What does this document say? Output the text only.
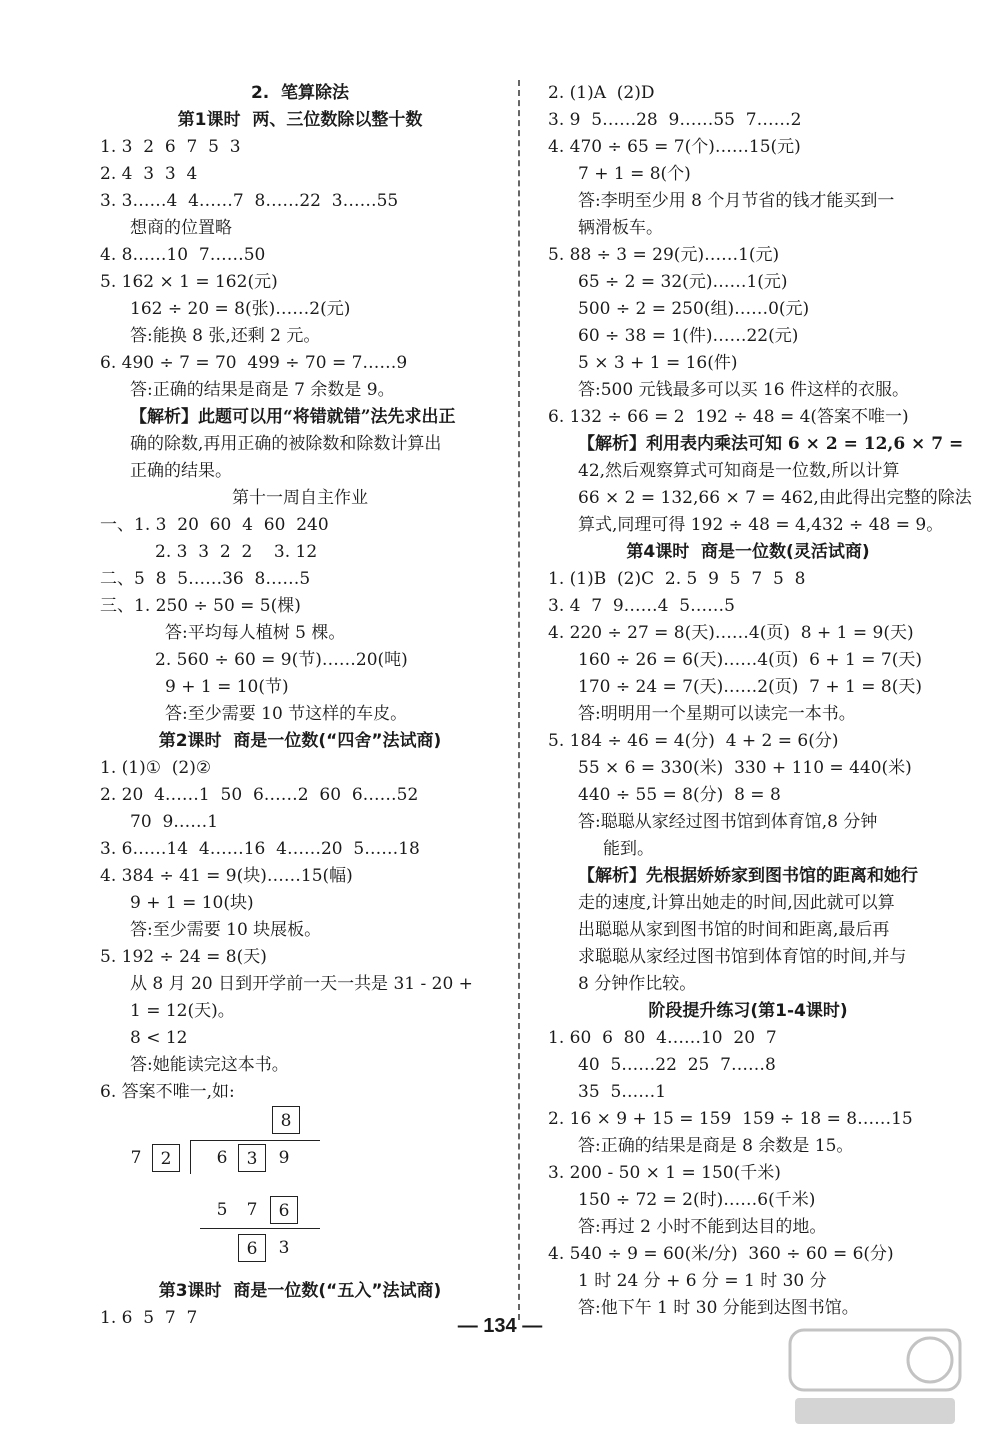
2.  笔算除法
第1课时  两、三位数除以整十数
1. 3  2  6  7  5  3
2. 4  3  3  4
3. 3……4  4……7  8……22  3……55
想商的位置略
4. 8……10  7……50
5. 162 × 1 = 162(元)
162 ÷ 20 = 8(张)……2(元)
答:能换 8 张,还剩 2 元。
6. 490 ÷ 7 = 70  499 ÷ 70 = 7……9
答:正确的结果是商是 7 余数是 9。
【解析】此题可以用“将错就错”法先求出正
确的除数,再用正确的被除数和除数计算出
正确的结果。
第十一周自主作业
一、1. 3  20  60  4  60  240
2. 3  3  2  2    3. 12
二、5  8  5……36  8……5
三、1. 250 ÷ 50 = 5(棵)
答:平均每人植树 5 棵。
2. 560 ÷ 60 = 9(节)……20(吨)
9 + 1 = 10(节)
答:至少需要 10 节这样的车皮。
第2课时  商是一位数(“四舍”法试商)
1. (1)①  (2)②
2. 20  4……1  50  6……2  60  6……52
70  9……1
3. 6……14  4……16  4……20  5……18
4. 384 ÷ 41 = 9(块)……15(幅)
9 + 1 = 10(块)
答:至少需要 10 块展板。
5. 192 ÷ 24 = 8(天)
从 8 月 20 日到开学前一天一共是 31 - 20 +
1 = 12(天)。
8 < 12
答:她能读完这本书。
6. 答案不唯一,如:
8
7	2	6	3	9
5	7	6
6	3
第3课时  商是一位数(“五入”法试商)
1. 6  5  7  7
2. (1)A  (2)D
3. 9  5……28  9……55  7……2
4. 470 ÷ 65 = 7(个)……15(元)
7 + 1 = 8(个)
答:李明至少用 8 个月节省的钱才能买到一
辆滑板车。
5. 88 ÷ 3 = 29(元)……1(元)
65 ÷ 2 = 32(元)……1(元)
500 ÷ 2 = 250(组)……0(元)
60 ÷ 38 = 1(件)……22(元)
5 × 3 + 1 = 16(件)
答:500 元钱最多可以买 16 件这样的衣服。
6. 132 ÷ 66 = 2  192 ÷ 48 = 4(答案不唯一)
【解析】利用表内乘法可知 6 × 2 = 12,6 × 7 =
42,然后观察算式可知商是一位数,所以计算
66 × 2 = 132,66 × 7 = 462,由此得出完整的除法
算式,同理可得 192 ÷ 48 = 4,432 ÷ 48 = 9。
第4课时  商是一位数(灵活试商)
1. (1)B  (2)C  2. 5  9  5  7  5  8
3. 4  7  9……4  5……5
4. 220 ÷ 27 = 8(天)……4(页)  8 + 1 = 9(天)
160 ÷ 26 = 6(天)……4(页)  6 + 1 = 7(天)
170 ÷ 24 = 7(天)……2(页)  7 + 1 = 8(天)
答:明明用一个星期可以读完一本书。
5. 184 ÷ 46 = 4(分)  4 + 2 = 6(分)
55 × 6 = 330(米)  330 + 110 = 440(米)
440 ÷ 55 = 8(分)  8 = 8
答:聪聪从家经过图书馆到体育馆,8 分钟
能到。
【解析】先根据娇娇家到图书馆的距离和她行
走的速度,计算出她走的时间,因此就可以算
出聪聪从家到图书馆的时间和距离,最后再
求聪聪从家经过图书馆到体育馆的时间,并与
8 分钟作比较。
阶段提升练习(第1-4课时)
1. 60  6  80  4……10  20  7
40  5……22  25  7……8
35  5……1
2. 16 × 9 + 15 = 159  159 ÷ 18 = 8……15
答:正确的结果是商是 8 余数是 15。
3. 200 - 50 × 1 = 150(千米)
150 ÷ 72 = 2(时)……6(千米)
答:再过 2 小时不能到达目的地。
4. 540 ÷ 9 = 60(米/分)  360 ÷ 60 = 6(分)
1 时 24 分 + 6 分 = 1 时 30 分
答:他下午 1 时 30 分能到达图书馆。
— 134 —
